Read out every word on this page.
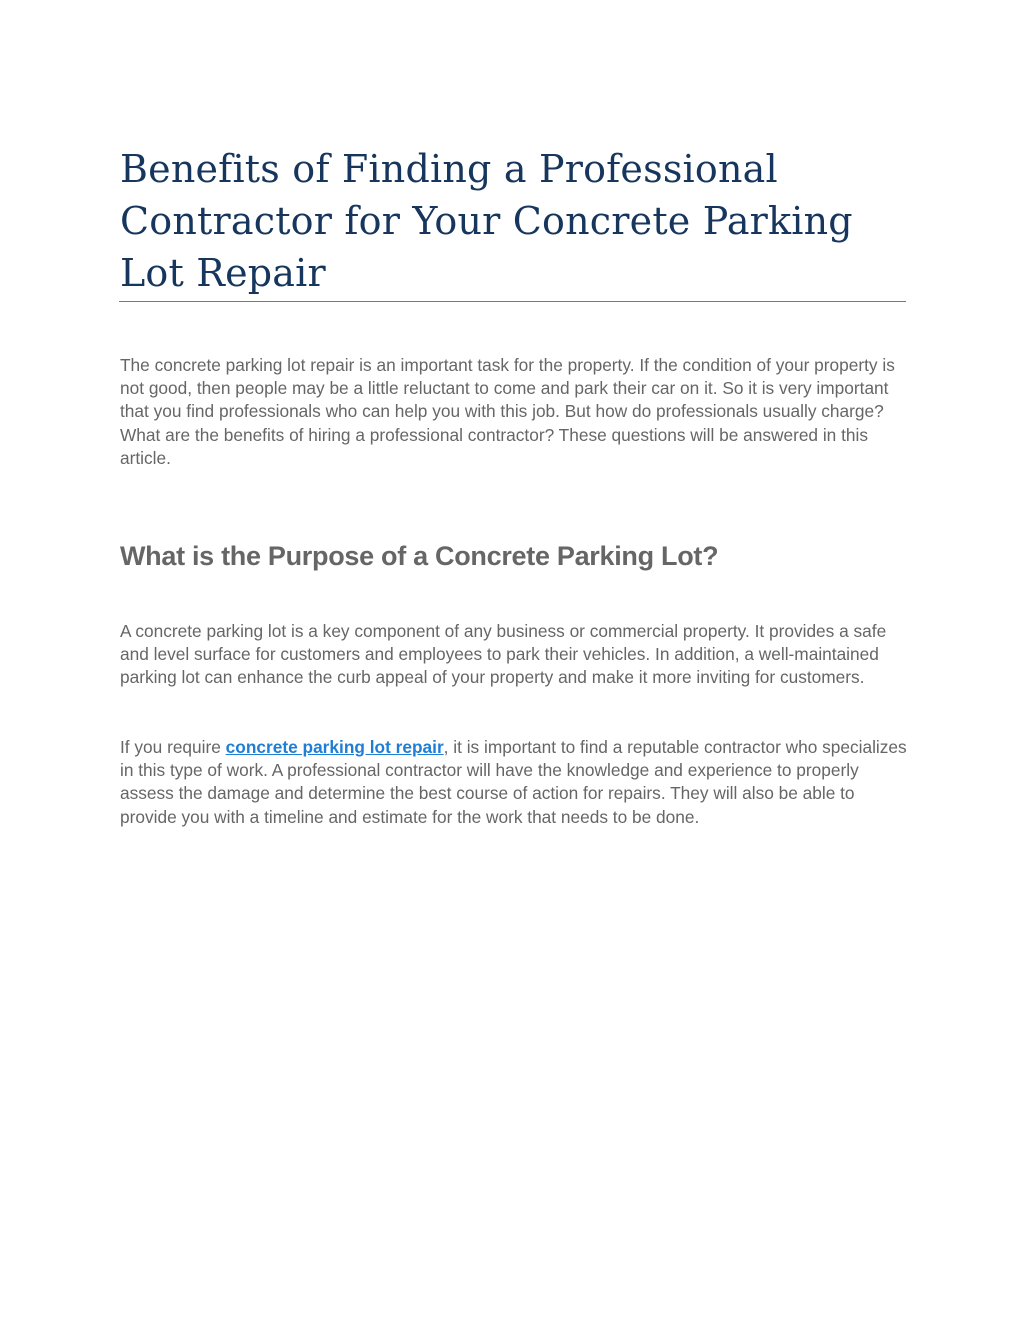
Benefits of Finding a Professional Contractor for Your Concrete Parking Lot Repair

The concrete parking lot repair is an important task for the property. If the condition of your property is not good, then people may be a little reluctant to come and park their car on it. So it is very important that you find professionals who can help you with this job. But how do professionals usually charge? What are the benefits of hiring a professional contractor? These questions will be answered in this article.

What is the Purpose of a Concrete Parking Lot?

A concrete parking lot is a key component of any business or commercial property. It provides a safe and level surface for customers and employees to park their vehicles. In addition, a well-maintained parking lot can enhance the curb appeal of your property and make it more inviting for customers.

If you require concrete parking lot repair, it is important to find a reputable contractor who specializes in this type of work. A professional contractor will have the knowledge and experience to properly assess the damage and determine the best course of action for repairs. They will also be able to provide you with a timeline and estimate for the work that needs to be done.
